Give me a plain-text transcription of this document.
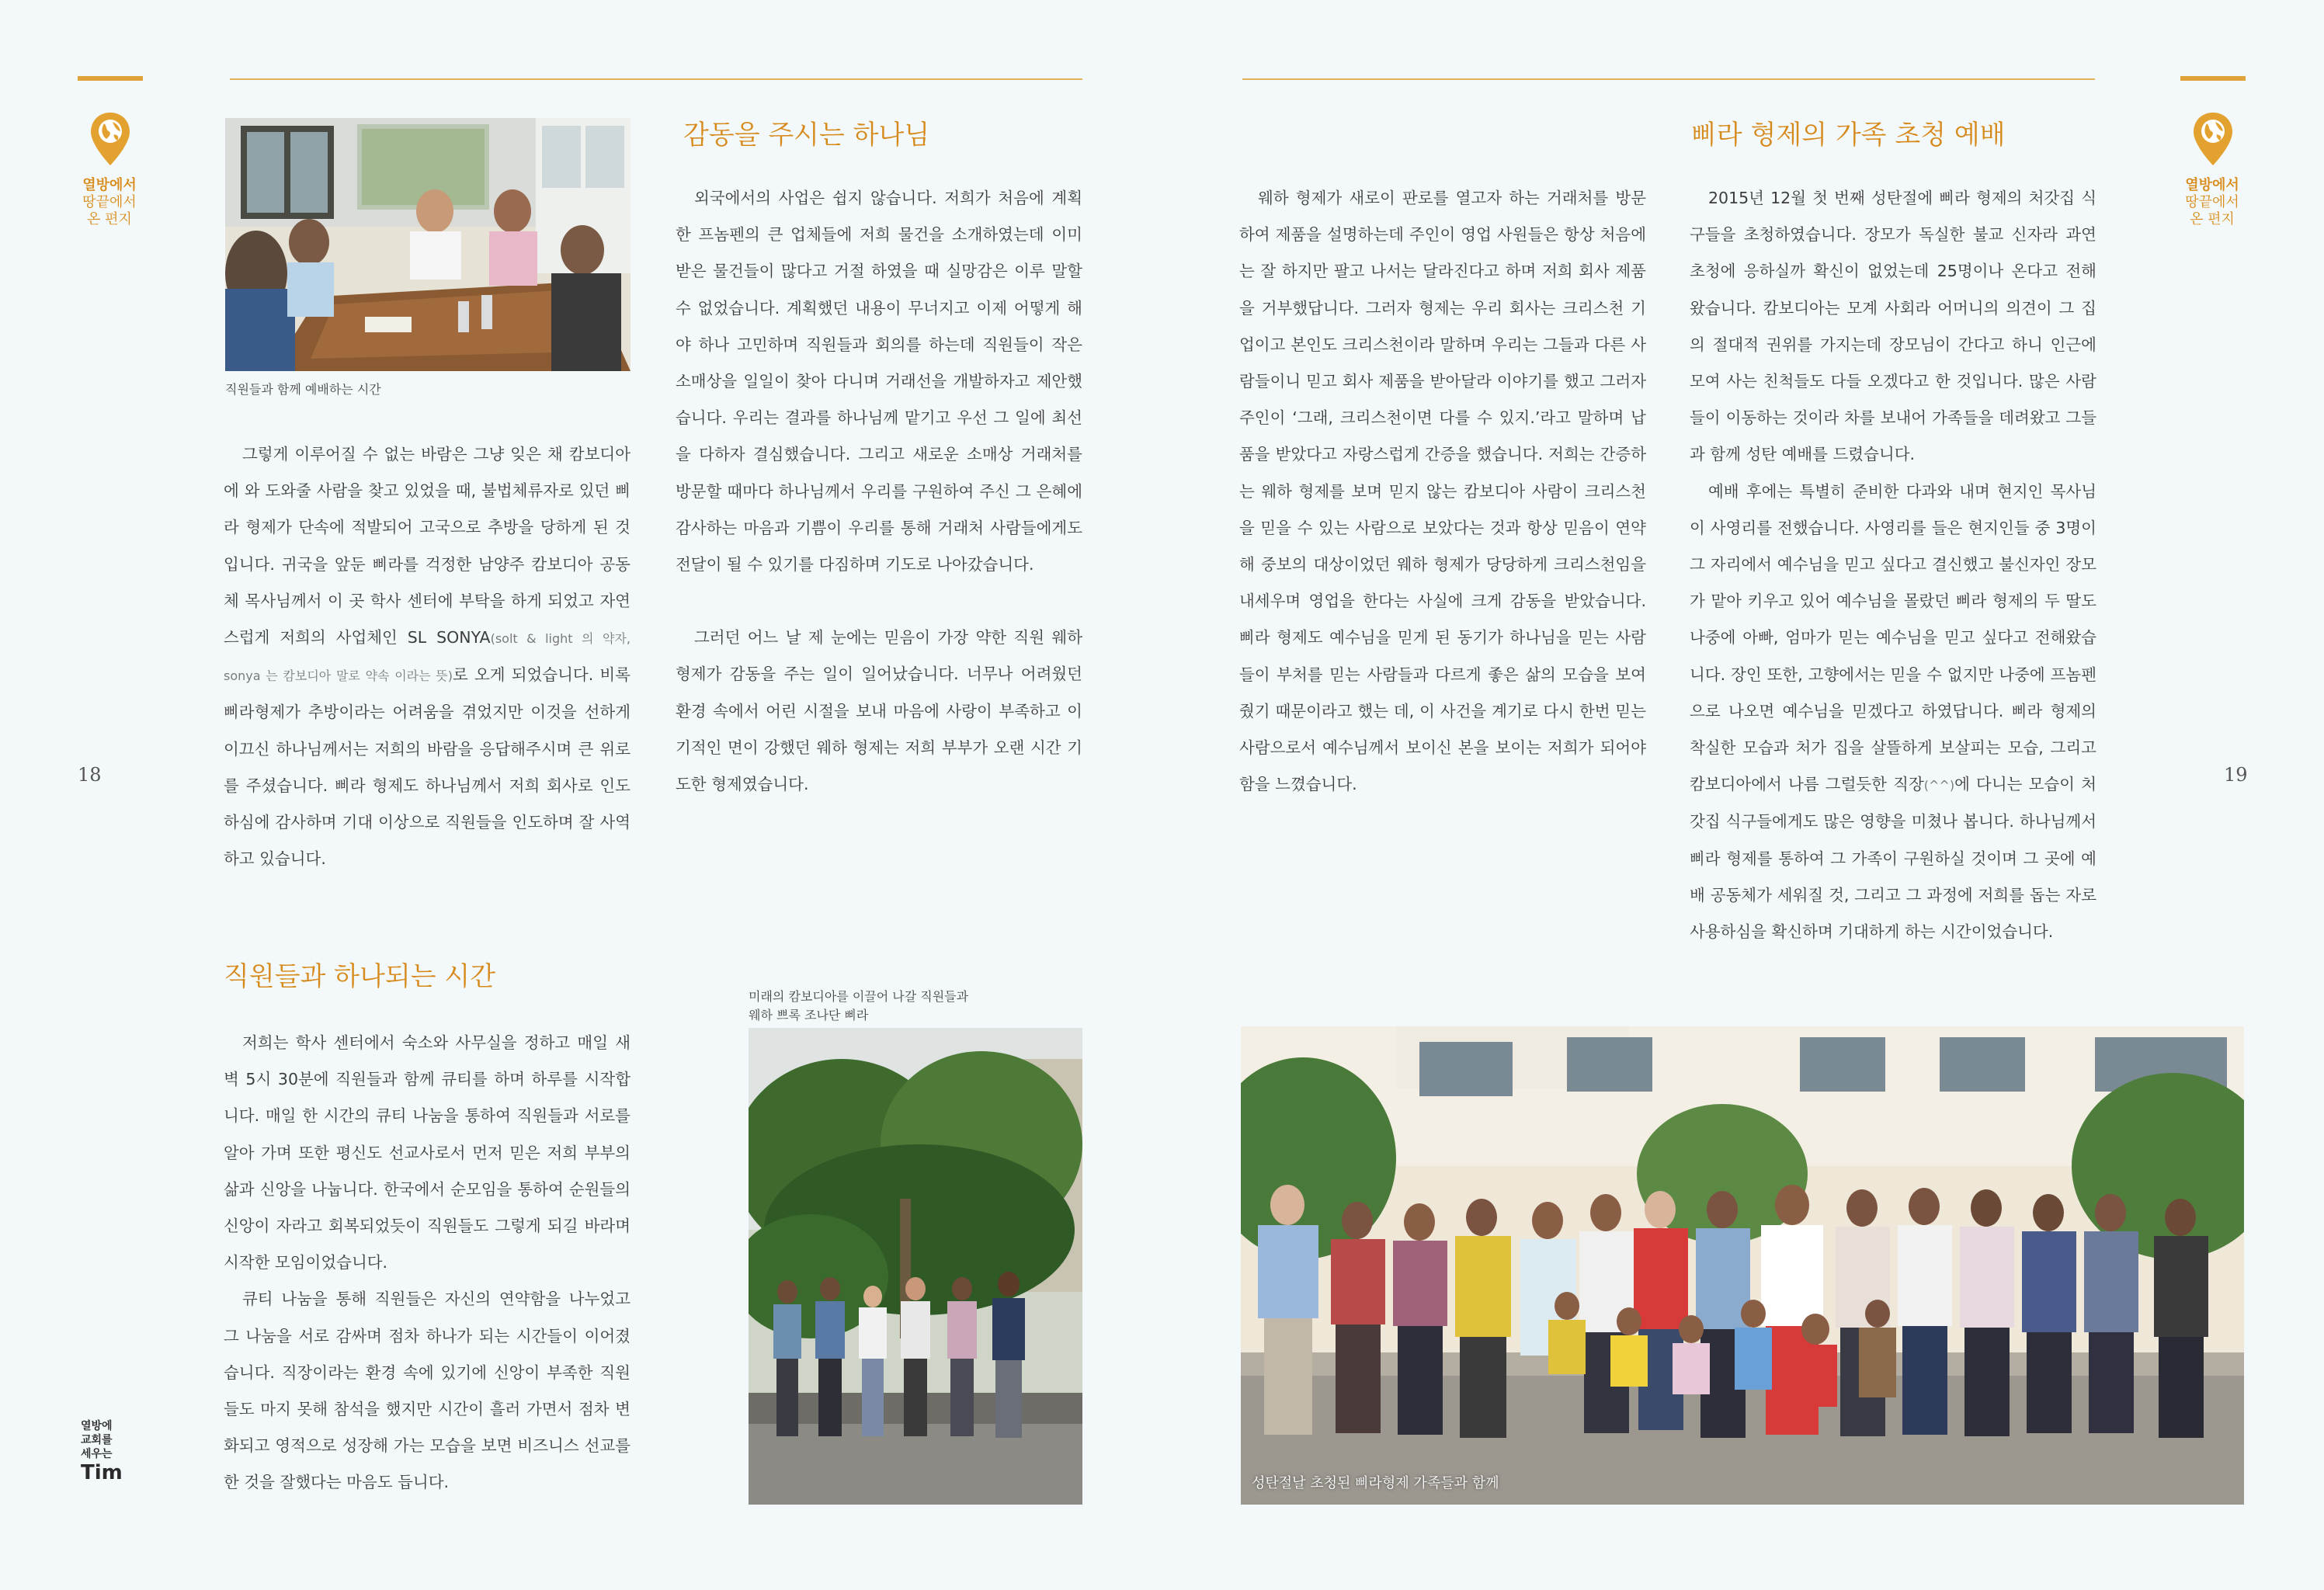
열방에서
땅끝에서
온 편지
18
열방에
교회를
세우는
Tim
열방에서
땅끝에서
온 편지
19
직원들과 함께 예배하는 시간

그렇게 이루어질 수 없는 바람은 그냥 잊은 채 캄보디아에 와 도와줄 사람을 찾고 있었을 때, 불법체류자로 있던 삐라 형제가 단속에 적발되어 고국으로 추방을 당하게 된 것입니다. 귀국을 앞둔 삐라를 걱정한 남양주 캄보디아 공동체 목사님께서 이 곳 학사 센터에 부탁을 하게 되었고 자연스럽게 저희의 사업체인 SL SONYA(solt & light 의 약자, sonya 는 캄보디아 말로 약속 이라는 뜻)로 오게 되었습니다. 비록 삐라형제가 추방이라는 어려움을 겪었지만 이것을 선하게 이끄신 하나님께서는 저희의 바람을 응답해주시며 큰 위로를 주셨습니다. 삐라 형제도 하나님께서 저희 회사로 인도 하심에 감사하며 기대 이상으로 직원들을 인도하며 잘 사역하고 있습니다.

직원들과 하나되는 시간

저희는 학사 센터에서 숙소와 사무실을 정하고 매일 새벽 5시 30분에 직원들과 함께 큐티를 하며 하루를 시작합니다. 매일 한 시간의 큐티 나눔을 통하여 직원들과 서로를 알아 가며 또한 평신도 선교사로서 먼저 믿은 저희 부부의 삶과 신앙을 나눕니다. 한국에서 순모임을 통하여 순원들의 신앙이 자라고 회복되었듯이 직원들도 그렇게 되길 바라며 시작한 모임이었습니다.

큐티 나눔을 통해 직원들은 자신의 연약함을 나누었고 그 나눔을 서로 감싸며 점차 하나가 되는 시간들이 이어졌습니다. 직장이라는 환경 속에 있기에 신앙이 부족한 직원들도 마지 못해 참석을 했지만 시간이 흘러 가면서 점차 변화되고 영적으로 성장해 가는 모습을 보면 비즈니스 선교를 한 것을 잘했다는 마음도 듭니다.

감동을 주시는 하나님

외국에서의 사업은 쉽지 않습니다. 저희가 처음에 계획한 프놈펜의 큰 업체들에 저희 물건을 소개하였는데 이미 받은 물건들이 많다고 거절 하였을 때 실망감은 이루 말할 수 없었습니다. 계획했던 내용이 무너지고 이제 어떻게 해야 하나 고민하며 직원들과 회의를 하는데 직원들이 작은 소매상을 일일이 찾아 다니며 거래선을 개발하자고 제안했습니다. 우리는 결과를 하나님께 맡기고 우선 그 일에 최선을 다하자 결심했습니다. 그리고 새로운 소매상 거래처를 방문할 때마다 하나님께서 우리를 구원하여 주신 그 은혜에 감사하는 마음과 기쁨이 우리를 통해 거래처 사람들에게도 전달이 될 수 있기를 다짐하며 기도로 나아갔습니다.

그러던 어느 날 제 눈에는 믿음이 가장 약한 직원 웨하 형제가 감동을 주는 일이 일어났습니다. 너무나 어려웠던 환경 속에서 어린 시절을 보내 마음에 사랑이 부족하고 이기적인 면이 강했던 웨하 형제는 저희 부부가 오랜 시간 기도한 형제였습니다.

미래의 캄보디아를 이끌어 나갈 직원들과
웨하 쁘록 조나단 삐라

웨하 형제가 새로이 판로를 열고자 하는 거래처를 방문하여 제품을 설명하는데 주인이 영업 사원들은 항상 처음에는 잘 하지만 팔고 나서는 달라진다고 하며 저희 회사 제품을 거부했답니다. 그러자 형제는 우리 회사는 크리스천 기업이고 본인도 크리스천이라 말하며 우리는 그들과 다른 사람들이니 믿고 회사 제품을 받아달라 이야기를 했고 그러자 주인이 ‘그래, 크리스천이면 다를 수 있지.’라고 말하며 납품을 받았다고 자랑스럽게 간증을 했습니다. 저희는 간증하는 웨하 형제를 보며 믿지 않는 캄보디아 사람이 크리스천을 믿을 수 있는 사람으로 보았다는 것과 항상 믿음이 연약해 중보의 대상이었던 웨하 형제가 당당하게 크리스천임을 내세우며 영업을 한다는 사실에 크게 감동을 받았습니다. 삐라 형제도 예수님을 믿게 된 동기가 하나님을 믿는 사람들이 부처를 믿는 사람들과 다르게 좋은 삶의 모습을 보여줬기 때문이라고 했는 데, 이 사건을 계기로 다시 한번 믿는 사람으로서 예수님께서 보이신 본을 보이는 저희가 되어야 함을 느꼈습니다.

삐라 형제의 가족 초청 예배

2015년 12월 첫 번째 성탄절에 삐라 형제의 처갓집 식구들을 초청하였습니다. 장모가 독실한 불교 신자라 과연 초청에 응하실까 확신이 없었는데 25명이나 온다고 전해 왔습니다. 캄보디아는 모계 사회라 어머니의 의견이 그 집의 절대적 권위를 가지는데 장모님이 간다고 하니 인근에 모여 사는 친척들도 다들 오겠다고 한 것입니다. 많은 사람들이 이동하는 것이라 차를 보내어 가족들을 데려왔고 그들과 함께 성탄 예배를 드렸습니다.

예배 후에는 특별히 준비한 다과와 내며 현지인 목사님이 사영리를 전했습니다. 사영리를 들은 현지인들 중 3명이 그 자리에서 예수님을 믿고 싶다고 결신했고 불신자인 장모가 맡아 키우고 있어 예수님을 몰랐던 삐라 형제의 두 딸도 나중에 아빠, 엄마가 믿는 예수님을 믿고 싶다고 전해왔습니다. 장인 또한, 고향에서는 믿을 수 없지만 나중에 프놈펜으로 나오면 예수님을 믿겠다고 하였답니다. 삐라 형제의 착실한 모습과 처가 집을 살뜰하게 보살피는 모습, 그리고 캄보디아에서 나름 그럴듯한 직장(^^)에 다니는 모습이 처갓집 식구들에게도 많은 영향을 미쳤나 봅니다. 하나님께서 삐라 형제를 통하여 그 가족이 구원하실 것이며 그 곳에 예배 공동체가 세워질 것, 그리고 그 과정에 저희를 돕는 자로 사용하심을 확신하며 기대하게 하는 시간이었습니다.

성탄절날 초청된 삐라형제 가족들과 함께
